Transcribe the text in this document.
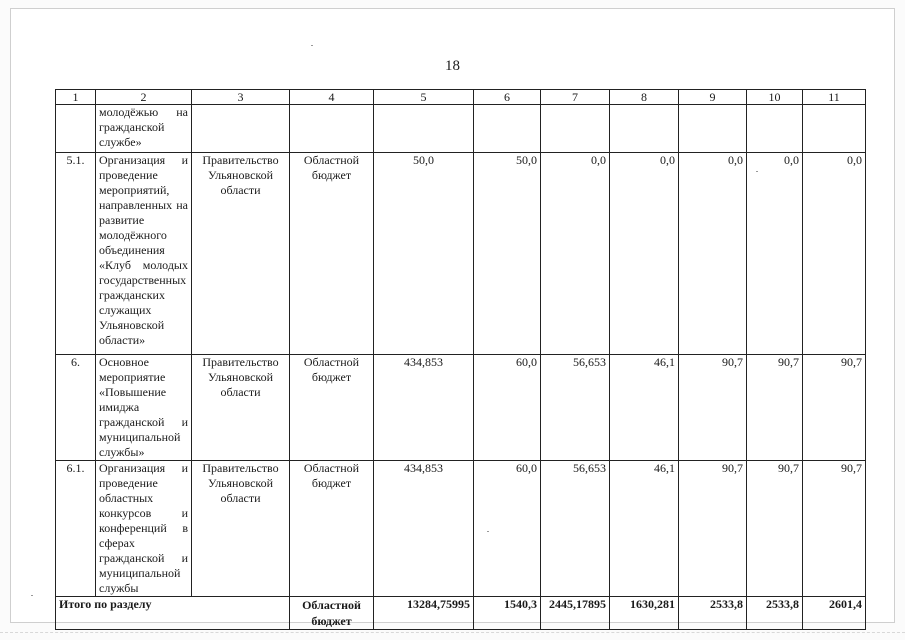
18
1	2	3	4	5	6	7	8	9	10	11
	молодёжью на гражданской службе»									
5.1.	Организация и проведение мероприятий, направленных на развитие молодёжного объединения «Клуб молодых государственных гражданских служащих Ульяновской области»	Правительство Ульяновской области	Областной бюджет	50,0	50,0	0,0	0,0	0,0	0,0	0,0
6.	Основное мероприятие «Повышение имиджа гражданской и муниципальной службы»	Правительство Ульяновской области	Областной бюджет	434,853	60,0	56,653	46,1	90,7	90,7	90,7
6.1.	Организация и проведение областных конкурсов и конференций в сферах гражданской и муниципальной службы	Правительство Ульяновской области	Областной бюджет	434,853	60,0	56,653	46,1	90,7	90,7	90,7
Итого по разделу			Областной бюджет	13284,75995	1540,3	2445,17895	1630,281	2533,8	2533,8	2601,4
